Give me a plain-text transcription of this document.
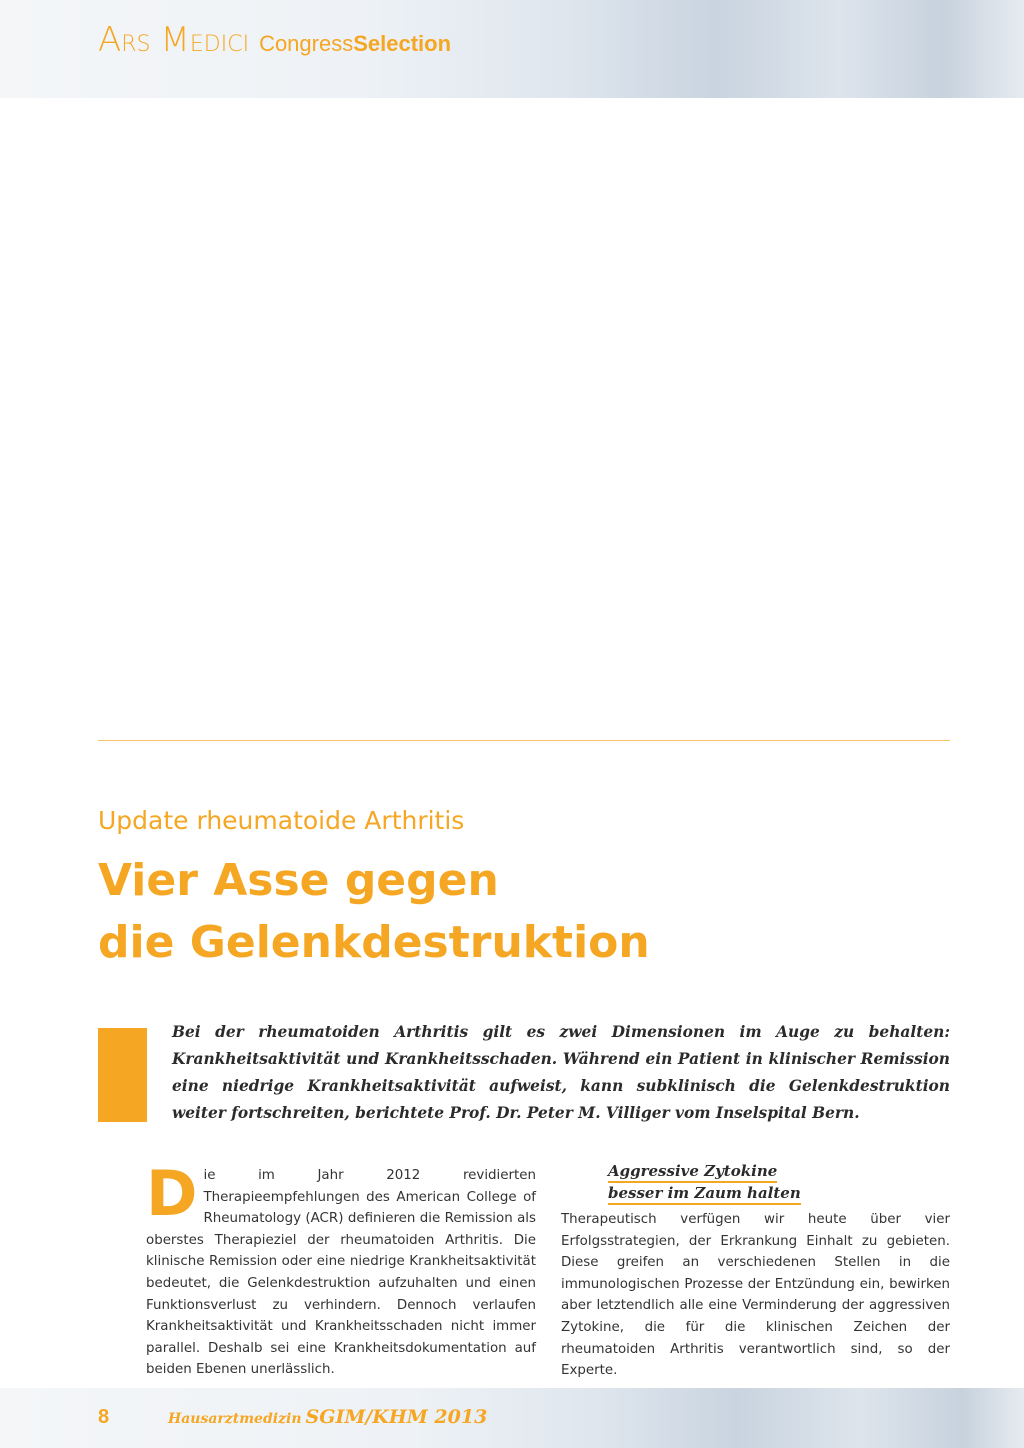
ARS MEDICI Congress Selection
Update rheumatoide Arthritis
Vier Asse gegen
die Gelenkdestruktion

Bei der rheumatoiden Arthritis gilt es zwei Dimensionen im Auge zu behalten: Krankheitsaktivität und Krankheitsschaden. Während ein Patient in klinischer Remission eine niedrige Krankheitsaktivität aufweist, kann subklinisch die Gelenkdestruktion weiter fortschreiten, berichtete Prof. Dr. Peter M. Villiger vom Inselspital Bern.

Die im Jahr 2012 revidierten Therapieempfehlungen des American College of Rheumatology (ACR) definieren die Remission als oberstes Therapieziel der rheumatoiden Arthritis. Die klinische Remission oder eine niedrige Krankheitsaktivität bedeutet, die Gelenkdestruktion aufzuhalten und einen Funktionsverlust zu verhindern. Dennoch verlaufen Krankheitsaktivität und Krankheitsschaden nicht immer parallel. Deshalb sei eine Krankheitsdokumentation auf beiden Ebenen unerlässlich.
Aggressive Zytokine
besser im Zaum halten

Therapeutisch verfügen wir heute über vier Erfolgsstrategien, der Erkrankung Einhalt zu gebieten. Diese greifen an verschiedenen Stellen in die immunologischen Prozesse der Entzündung ein, bewirken aber letztendlich alle eine Verminderung der aggressiven Zytokine, die für die klinischen Zeichen der rheumatoiden Arthritis verantwortlich sind, so der Experte.

8	Hausarztmedizin SGIM/KHM 2013
